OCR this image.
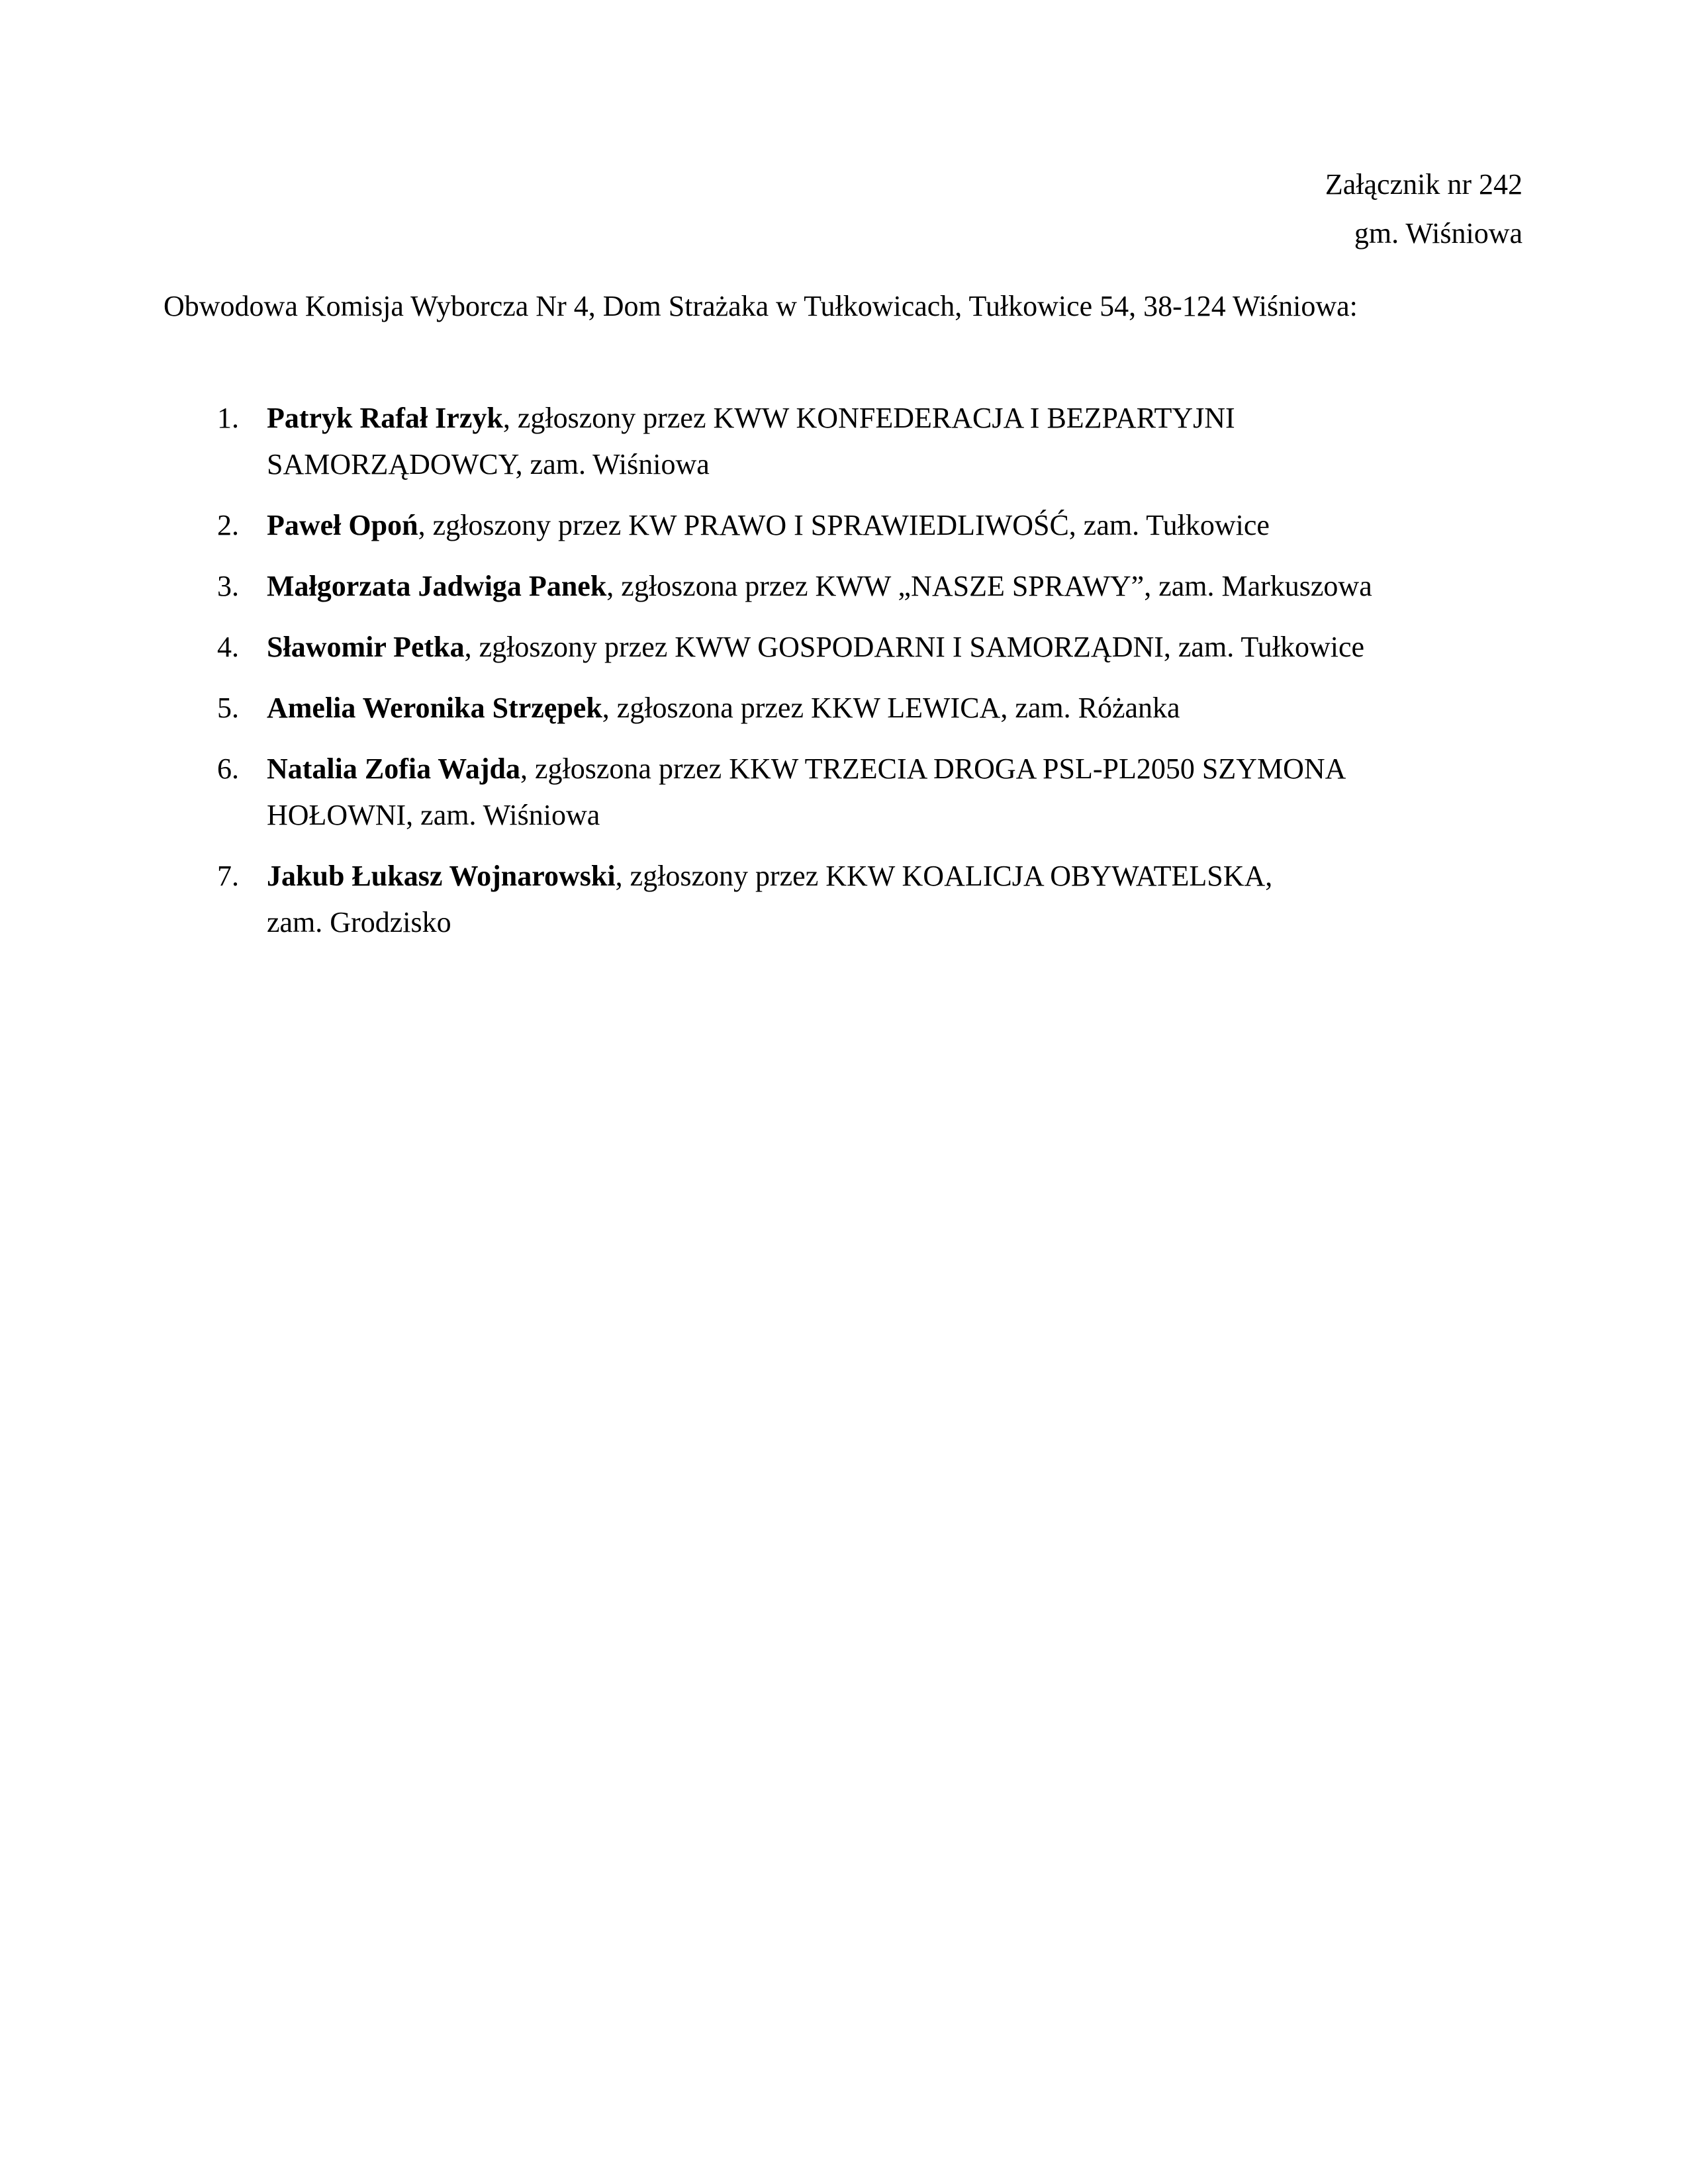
Załącznik nr 242
gm. Wiśniowa
Obwodowa Komisja Wyborcza Nr 4, Dom Strażaka w Tułkowicach, Tułkowice 54, 38-124 Wiśniowa:
1. Patryk Rafał Irzyk, zgłoszony przez KWW KONFEDERACJA I BEZPARTYJNI
SAMORZĄDOWCY, zam. Wiśniowa
2. Paweł Opoń, zgłoszony przez KW PRAWO I SPRAWIEDLIWOŚĆ, zam. Tułkowice
3. Małgorzata Jadwiga Panek, zgłoszona przez KWW „NASZE SPRAWY”, zam. Markuszowa
4. Sławomir Petka, zgłoszony przez KWW GOSPODARNI I SAMORZĄDNI, zam. Tułkowice
5. Amelia Weronika Strzępek, zgłoszona przez KKW LEWICA, zam. Różanka
6. Natalia Zofia Wajda, zgłoszona przez KKW TRZECIA DROGA PSL-PL2050 SZYMONA
HOŁOWNI, zam. Wiśniowa
7. Jakub Łukasz Wojnarowski, zgłoszony przez KKW KOALICJA OBYWATELSKA,
zam. Grodzisko
